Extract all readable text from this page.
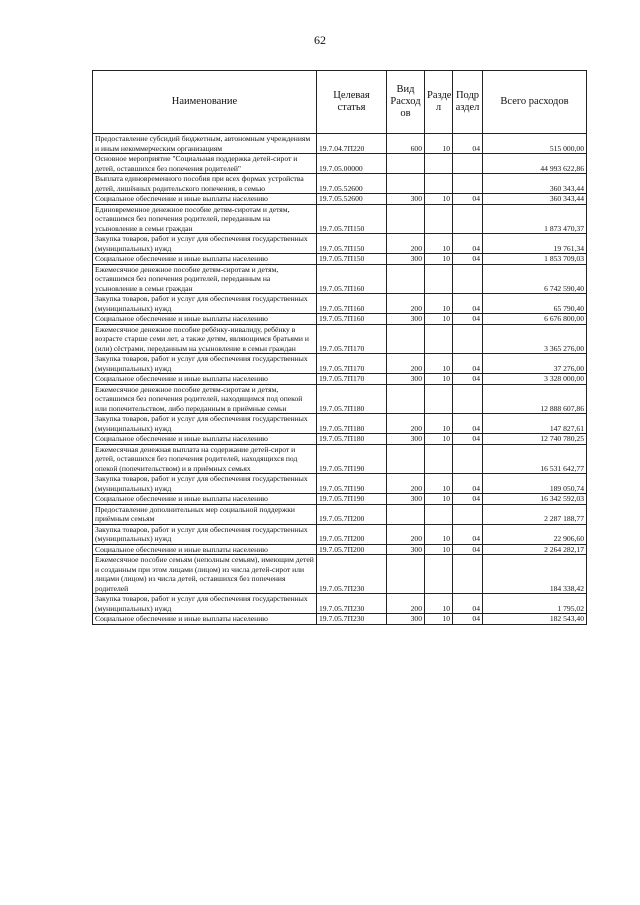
62
Наименование	Целевая статья	Вид Расход ов	Разде л	Подр аздел	Всего расходов
Предоставление субсидий бюджетным, автономным учреждениям и иным некоммерческим организациям	19.7.04.7П220	600	10	04	515 000,00
Основное мероприятие "Социальная поддержка детей-сирот и детей, оставшихся без попечения родителей"	19.7.05.00000				44 993 622,86
Выплата единовременного пособия при всех формах устройства детей, лишённых родительского попечения, в семью	19.7.05.52600				360 343,44
Социальное обеспечение и иные выплаты населению	19.7.05.52600	300	10	04	360 343,44
Единовременное денежное пособие детям-сиротам и детям, оставшимся без попечения родителей, переданным на усыновление в семьи граждан	19.7.05.7П150				1 873 470,37
Закупка товаров, работ и услуг для обеспечения государственных (муниципальных) нужд	19.7.05.7П150	200	10	04	19 761,34
Социальное обеспечение и иные выплаты населению	19.7.05.7П150	300	10	04	1 853 709,03
Ежемесячное денежное пособие детям-сиротам и детям, оставшимся без попечения родителей, переданным на усыновление в семьи граждан	19.7.05.7П160				6 742 590,40
Закупка товаров, работ и услуг для обеспечения государственных (муниципальных) нужд	19.7.05.7П160	200	10	04	65 790,40
Социальное обеспечение и иные выплаты населению	19.7.05.7П160	300	10	04	6 676 800,00
Ежемесячное денежное пособие ребёнку-инвалиду, ребёнку в возрасте старше семи лет, а также детям, являющимся братьями и (или) сёстрами, переданным на усыновление в семьи граждан	19.7.05.7П170				3 365 276,00
Закупка товаров, работ и услуг для обеспечения государственных (муниципальных) нужд	19.7.05.7П170	200	10	04	37 276,00
Социальное обеспечение и иные выплаты населению	19.7.05.7П170	300	10	04	3 328 000,00
Ежемесячное денежное пособие детям-сиротам и детям, оставшимся без попечения родителей, находящимся под опекой или попечительством, либо переданным в приёмные семьи	19.7.05.7П180				12 888 607,86
Закупка товаров, работ и услуг для обеспечения государственных (муниципальных) нужд	19.7.05.7П180	200	10	04	147 827,61
Социальное обеспечение и иные выплаты населению	19.7.05.7П180	300	10	04	12 740 780,25
Ежемесячная денежная выплата на содержание детей-сирот и детей, оставшихся без попечения родителей, находящихся под опекой (попечительством) и в приёмных семьях	19.7.05.7П190				16 531 642,77
Закупка товаров, работ и услуг для обеспечения государственных (муниципальных) нужд	19.7.05.7П190	200	10	04	189 050,74
Социальное обеспечение и иные выплаты населению	19.7.05.7П190	300	10	04	16 342 592,03
Предоставление дополнительных мер социальной поддержки приёмным семьям	19.7.05.7П200				2 287 188,77
Закупка товаров, работ и услуг для обеспечения государственных (муниципальных) нужд	19.7.05.7П200	200	10	04	22 906,60
Социальное обеспечение и иные выплаты населению	19.7.05.7П200	300	10	04	2 264 282,17
Ежемесячное пособие семьям (неполным семьям), имеющим детей и созданным при этом лицами (лицом) из числа детей-сирот или лицами (лицом) из числа детей, оставшихся без попечения родителей	19.7.05.7П230				184 338,42
Закупка товаров, работ и услуг для обеспечения государственных (муниципальных) нужд	19.7.05.7П230	200	10	04	1 795,02
Социальное обеспечение и иные выплаты населению	19.7.05.7П230	300	10	04	182 543,40
